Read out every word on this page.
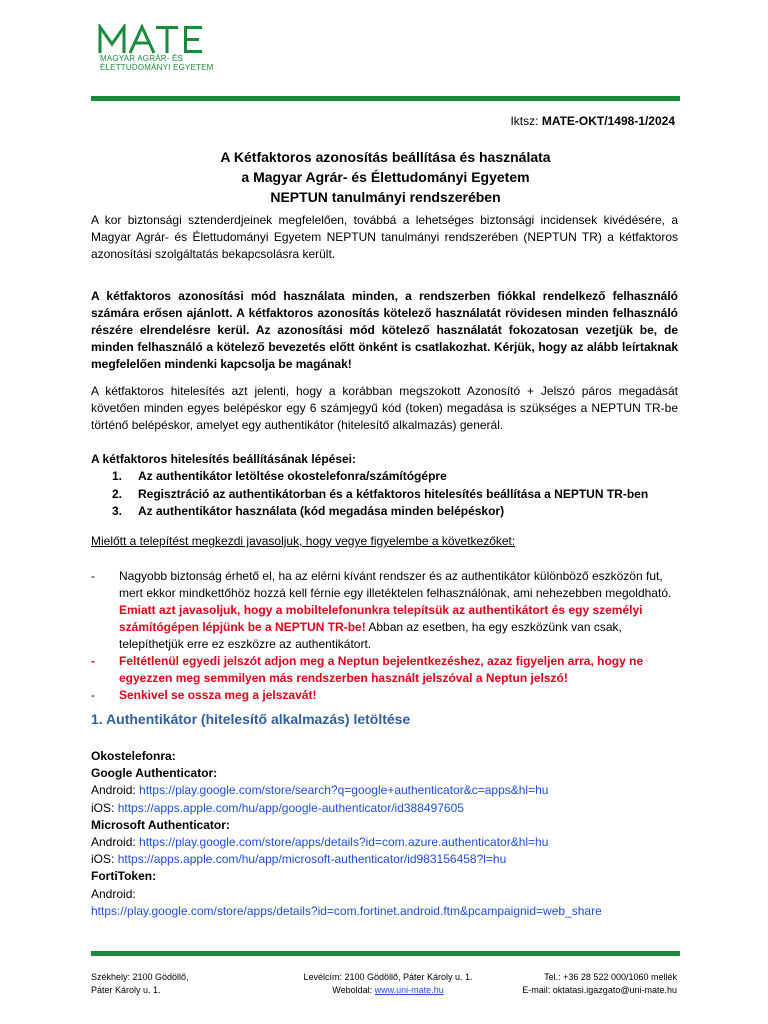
MAGYAR AGRÁR- ÉS
ÉLETTUDOMÁNYI EGYETEM
Iktsz: MATE-OKT/1498-1/2024
A Kétfaktoros azonosítás beállítása és használata
a Magyar Agrár- és Élettudományi Egyetem
NEPTUN tanulmányi rendszerében
A kor biztonsági sztenderdjeinek megfelelően, továbbá a lehetséges biztonsági incidensek kivédésére, a Magyar Agrár- és Élettudományi Egyetem NEPTUN tanulmányi rendszerében (NEPTUN TR) a kétfaktoros azonosítási szolgáltatás bekapcsolásra került.
A kétfaktoros azonosítási mód használata minden, a rendszerben fiókkal rendelkező felhasználó számára erősen ajánlott. A kétfaktoros azonosítás kötelező használatát rövidesen minden felhasználó részére elrendelésre kerül. Az azonosítási mód kötelező használatát fokozatosan vezetjük be, de minden felhasználó a kötelező bevezetés előtt önként is csatlakozhat. Kérjük, hogy az alább leírtaknak megfelelően mindenki kapcsolja be magának!
A kétfaktoros hitelesítés azt jelenti, hogy a korábban megszokott Azonosító + Jelszó páros megadását követően minden egyes belépéskor egy 6 számjegyű kód (token) megadása is szükséges a NEPTUN TR-be történő belépéskor, amelyet egy authentikátor (hitelesítő alkalmazás) generál.
A kétfaktoros hitelesítés beállításának lépései:
1. Az authentikátor letöltése okostelefonra/számítógépre
2. Regisztráció az authentikátorban és a kétfaktoros hitelesítés beállítása a NEPTUN TR-ben
3. Az authentikátor használata (kód megadása minden belépéskor)
Mielőtt a telepítést megkezdi javasoljuk, hogy vegye figyelembe a következőket:
- Nagyobb biztonság érhető el, ha az elérni kívánt rendszer és az authentikátor különböző eszközön fut, mert ekkor mindkettőhöz hozzá kell férnie egy illetéktelen felhasználónak, ami nehezebben megoldható. Emiatt azt javasoljuk, hogy a mobiltelefonunkra telepítsük az authentikátort és egy személyi számítógépen lépjünk be a NEPTUN TR-be! Abban az esetben, ha egy eszközünk van csak, telepíthetjük erre ez eszközre az authentikátort.
- Feltétlenül egyedi jelszót adjon meg a Neptun bejelentkezéshez, azaz figyeljen arra, hogy ne egyezzen meg semmilyen más rendszerben használt jelszóval a Neptun jelszó!
- Senkivel se ossza meg a jelszavát!
1. Authentikátor (hitelesítő alkalmazás) letöltése
Okostelefonra:
Google Authenticator:
Android: https://play.google.com/store/search?q=google+authenticator&c=apps&hl=hu
iOS: https://apps.apple.com/hu/app/google-authenticator/id388497605
Microsoft Authenticator:
Android: https://play.google.com/store/apps/details?id=com.azure.authenticator&hl=hu
iOS: https://apps.apple.com/hu/app/microsoft-authenticator/id983156458?l=hu
FortiToken:
Android:
https://play.google.com/store/apps/details?id=com.fortinet.android.ftm&pcampaignid=web_share
Székhely: 2100 Gödöllő,
Páter Károly u. 1.
Levélcím: 2100 Gödöllő, Páter Károly u. 1.
Weboldal: www.uni-mate.hu
Tel.: +36 28 522 000/1060 mellék
E-mail: oktatasi.igazgato@uni-mate.hu
